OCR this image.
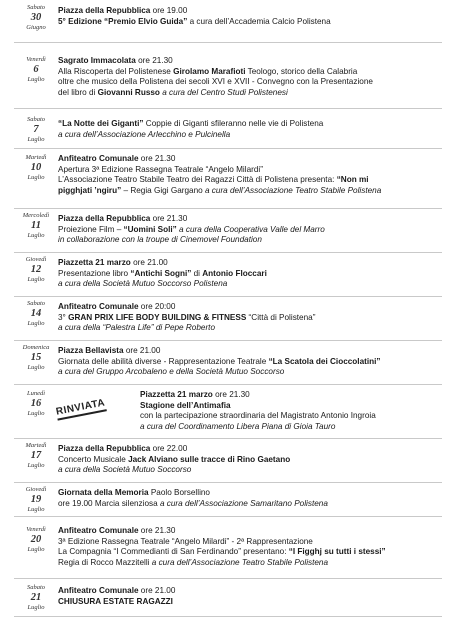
Sabato
30
Giugno
Piazza della Repubblica ore 19.00
5° Edizione “Premio Elvio Guida” a cura dell’Accademia Calcio Polistena
Venerdì
6
Luglio
Sagrato Immacolata ore 21.30
Alla Riscoperta del Polistenese Girolamo Marafioti Teologo, storico della Calabria
oltre che musico della Polistena dei secoli XVI e XVII - Convegno con la Presentazione
del libro di Giovanni Russo a cura del Centro Studi Polistenesi
Sabato
7
Luglio
“La Notte dei Giganti” Coppie di Giganti sfileranno nelle vie di Polistena
a cura dell’Associazione Arlecchino e Pulcinella
Martedì
10
Luglio
Anfiteatro Comunale ore 21.30
Apertura 3ª Edizione Rassegna Teatrale “Angelo Milardi”
L’Associazione Teatro Stabile Teatro dei Ragazzi Città di Polistena presenta: “Non mi
pigghjati ’ngiru” – Regia Gigi Gargano a cura dell’Associazione Teatro Stabile Polistena
Mercoledì
11
Luglio
Piazza della Repubblica ore 21.30
Proiezione Film – “Uomini Soli” a cura della Cooperativa Valle del Marro
in collaborazione con la troupe di Cinemovel Foundation
Giovedì
12
Luglio
Piazzetta 21 marzo ore 21.00
Presentazione libro “Antichi Sogni” di Antonio Floccari
a cura della Società Mutuo Soccorso Polistena
Sabato
14
Luglio
Anfiteatro Comunale ore 20:00
3° GRAN PRIX LIFE BODY BUILDING & FITNESS “Città di Polistena”
a cura della “Palestra Life” di Pepe Roberto
Domenica
15
Luglio
Piazza Bellavista ore 21.00
Giornata delle abilità diverse - Rappresentazione Teatrale “La Scatola dei Cioccolatini”
a cura del Gruppo Arcobaleno e della Società Mutuo Soccorso
Lunedì
16
Luglio	RINVIATA
Piazzetta 21 marzo ore 21.30
Stagione dell’Antimafia
con la partecipazione straordinaria del Magistrato Antonio Ingroia
a cura del Coordinamento Libera Piana di Gioia Tauro
Martedì
17
Luglio
Piazza della Repubblica ore 22.00
Concerto Musicale Jack Alviano sulle tracce di Rino Gaetano
a cura della Società Mutuo Soccorso
Giovedì
19
Luglio
Giornata della Memoria Paolo Borsellino
ore 19.00 Marcia silenziosa a cura dell’Associazione Samaritano Polistena
Venerdì
20
Luglio
Anfiteatro Comunale ore 21.30
3ª Edizione Rassegna Teatrale “Angelo Milardi” - 2ª Rappresentazione
La Compagnia “I Commedianti di San Ferdinando” presentano: “I Figghj su tutti i stessi”
Regia di Rocco Mazzitelli a cura dell’Associazione Teatro Stabile Polistena
Sabato
21
Luglio
Anfiteatro Comunale ore 21.00
CHIUSURA ESTATE RAGAZZI
